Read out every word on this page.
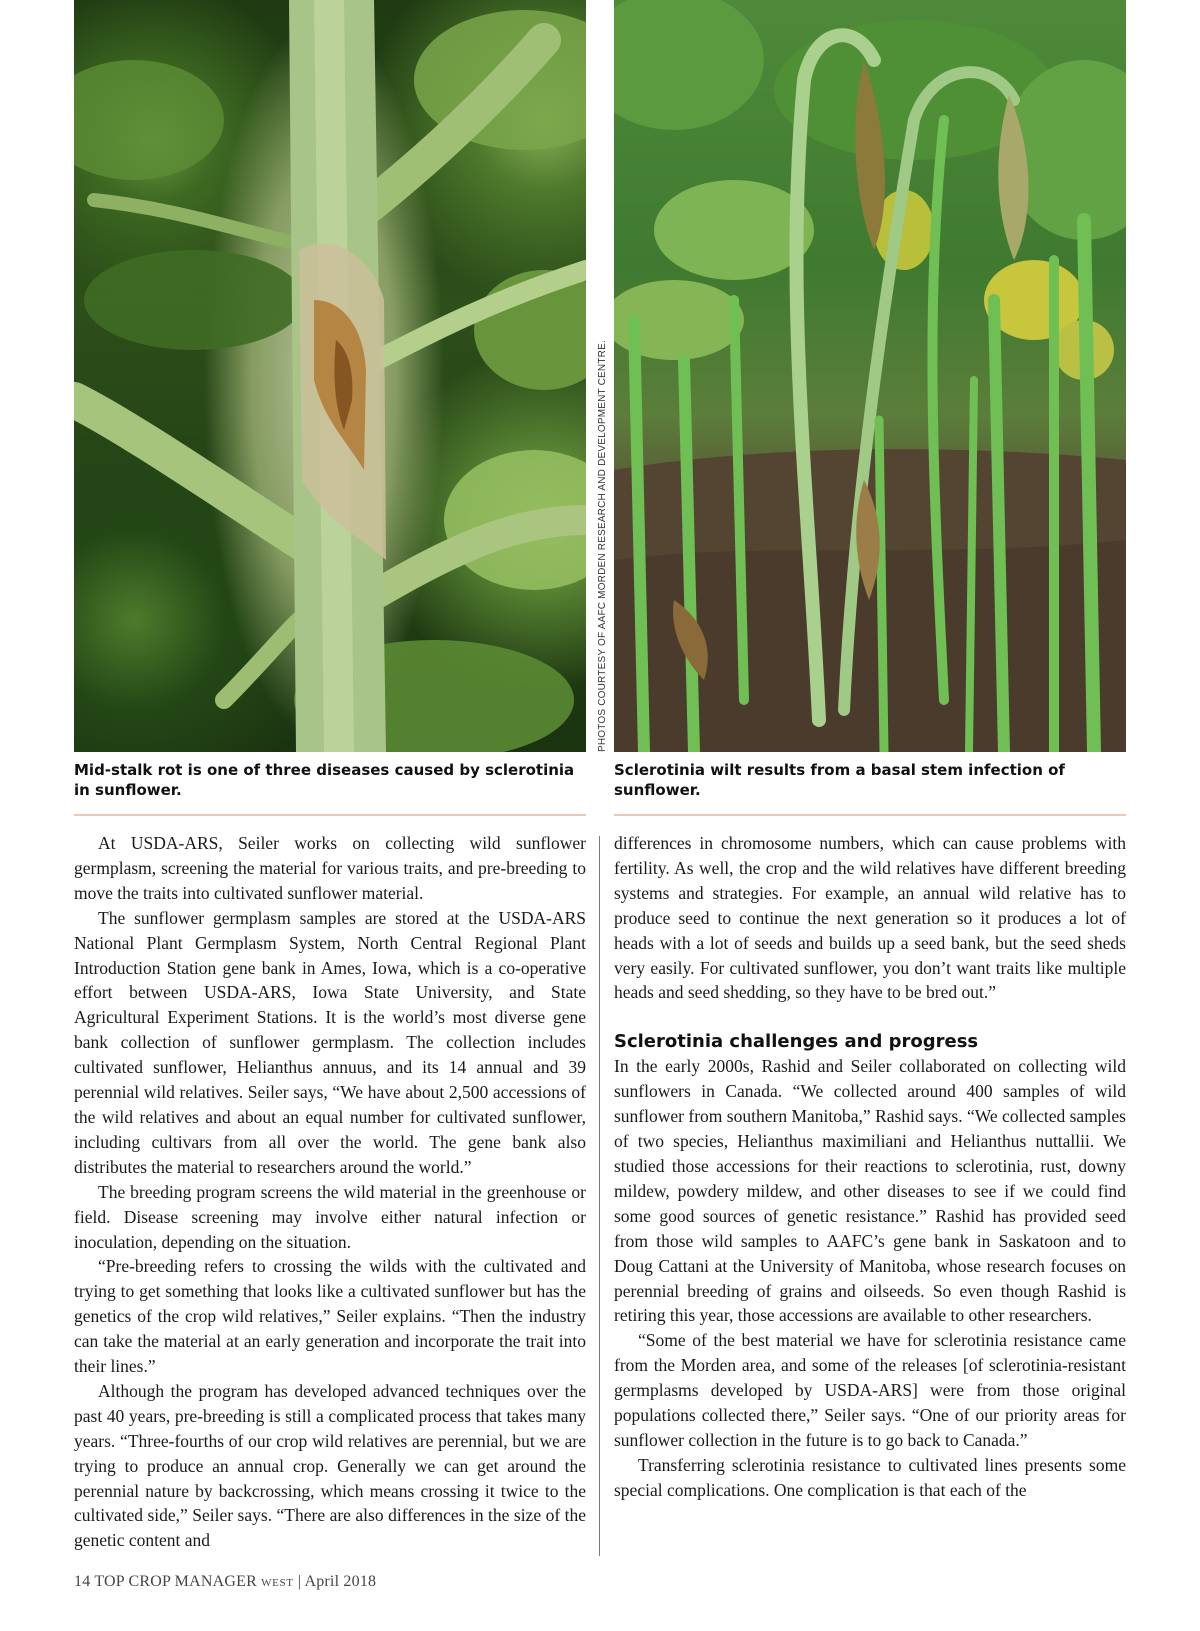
PHOTOS COURTESY OF AAFC MORDEN RESEARCH AND DEVELOPMENT CENTRE.
Mid-stalk rot is one of three diseases caused by sclerotinia in sunflower.
Sclerotinia wilt results from a basal stem infection of sunflower.

At USDA-ARS, Seiler works on collecting wild sunflower germplasm, screening the material for various traits, and pre-breeding to move the traits into cultivated sunflower material.

The sunflower germplasm samples are stored at the USDA-ARS National Plant Germplasm System, North Central Regional Plant Introduction Station gene bank in Ames, Iowa, which is a co-operative effort between USDA-ARS, Iowa State University, and State Agricultural Experiment Stations. It is the world’s most diverse gene bank collection of sunflower germplasm. The collection includes cultivated sunflower, Helianthus annuus, and its 14 annual and 39 perennial wild relatives. Seiler says, “We have about 2,500 accessions of the wild relatives and about an equal number for cultivated sunflower, including cultivars from all over the world. The gene bank also distributes the material to researchers around the world.”

The breeding program screens the wild material in the greenhouse or field. Disease screening may involve either natural infection or inoculation, depending on the situation.

“Pre-breeding refers to crossing the wilds with the cultivated and trying to get something that looks like a cultivated sunflower but has the genetics of the crop wild relatives,” Seiler explains. “Then the industry can take the material at an early generation and incorporate the trait into their lines.”

Although the program has developed advanced techniques over the past 40 years, pre-breeding is still a complicated process that takes many years. “Three-fourths of our crop wild relatives are perennial, but we are trying to produce an annual crop. Generally we can get around the perennial nature by backcrossing, which means crossing it twice to the cultivated side,” Seiler says. “There are also differences in the size of the genetic content and

differences in chromosome numbers, which can cause problems with fertility. As well, the crop and the wild relatives have different breeding systems and strategies. For example, an annual wild relative has to produce seed to continue the next generation so it produces a lot of heads with a lot of seeds and builds up a seed bank, but the seed sheds very easily. For cultivated sunflower, you don’t want traits like multiple heads and seed shedding, so they have to be bred out.”

Sclerotinia challenges and progress

In the early 2000s, Rashid and Seiler collaborated on collecting wild sunflowers in Canada. “We collected around 400 samples of wild sunflower from southern Manitoba,” Rashid says. “We collected samples of two species, Helianthus maximiliani and Helianthus nuttallii. We studied those accessions for their reactions to sclerotinia, rust, downy mildew, powdery mildew, and other diseases to see if we could find some good sources of genetic resistance.” Rashid has provided seed from those wild samples to AAFC’s gene bank in Saskatoon and to Doug Cattani at the University of Manitoba, whose research focuses on perennial breeding of grains and oilseeds. So even though Rashid is retiring this year, those accessions are available to other researchers.

“Some of the best material we have for sclerotinia resistance came from the Morden area, and some of the releases [of sclerotinia-resistant germplasms developed by USDA-ARS] were from those original populations collected there,” Seiler says. “One of our priority areas for sunflower collection in the future is to go back to Canada.”

Transferring sclerotinia resistance to cultivated lines presents some special complications. One complication is that each of the

14 TOP CROP MANAGER WEST | April 2018
